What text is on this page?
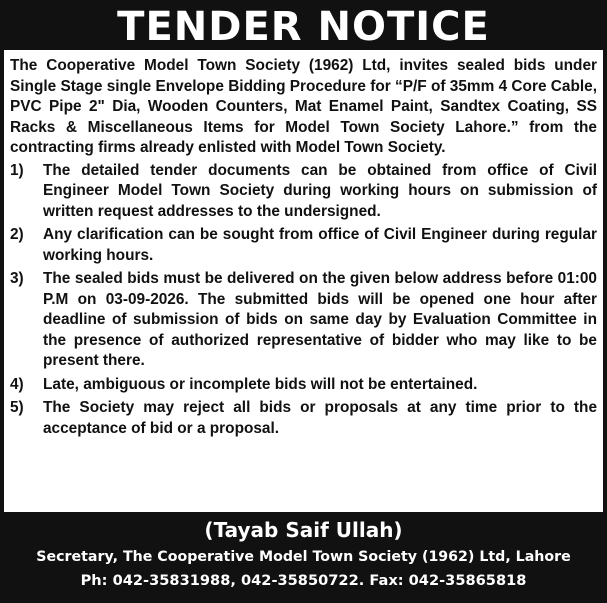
TENDER NOTICE

The Cooperative Model Town Society (1962) Ltd, invites sealed bids under Single Stage single Envelope Bidding Procedure for “P/F of 35mm 4 Core Cable, PVC Pipe 2" Dia, Wooden Counters, Mat Enamel Paint, Sandtex Coating, SS Racks & Miscellaneous Items for Model Town Society Lahore.” from the contracting firms already enlisted with Model Town Society.

1)	The detailed tender documents can be obtained from office of Civil Engineer Model Town Society during working hours on submission of written request addresses to the undersigned.
2)	Any clarification can be sought from office of Civil Engineer during regular working hours.
3)	The sealed bids must be delivered on the given below address before 01:00 P.M on 03-09-2026. The submitted bids will be opened one hour after deadline of submission of bids on same day by Evaluation Committee in the presence of authorized representative of bidder who may like to be present there.
4)	Late, ambiguous or incomplete bids will not be entertained.
5)	The Society may reject all bids or proposals at any time prior to the acceptance of bid or a proposal.
(Tayab Saif Ullah)
Secretary, The Cooperative Model Town Society (1962) Ltd, Lahore
Ph: 042-35831988, 042-35850722. Fax: 042-35865818
